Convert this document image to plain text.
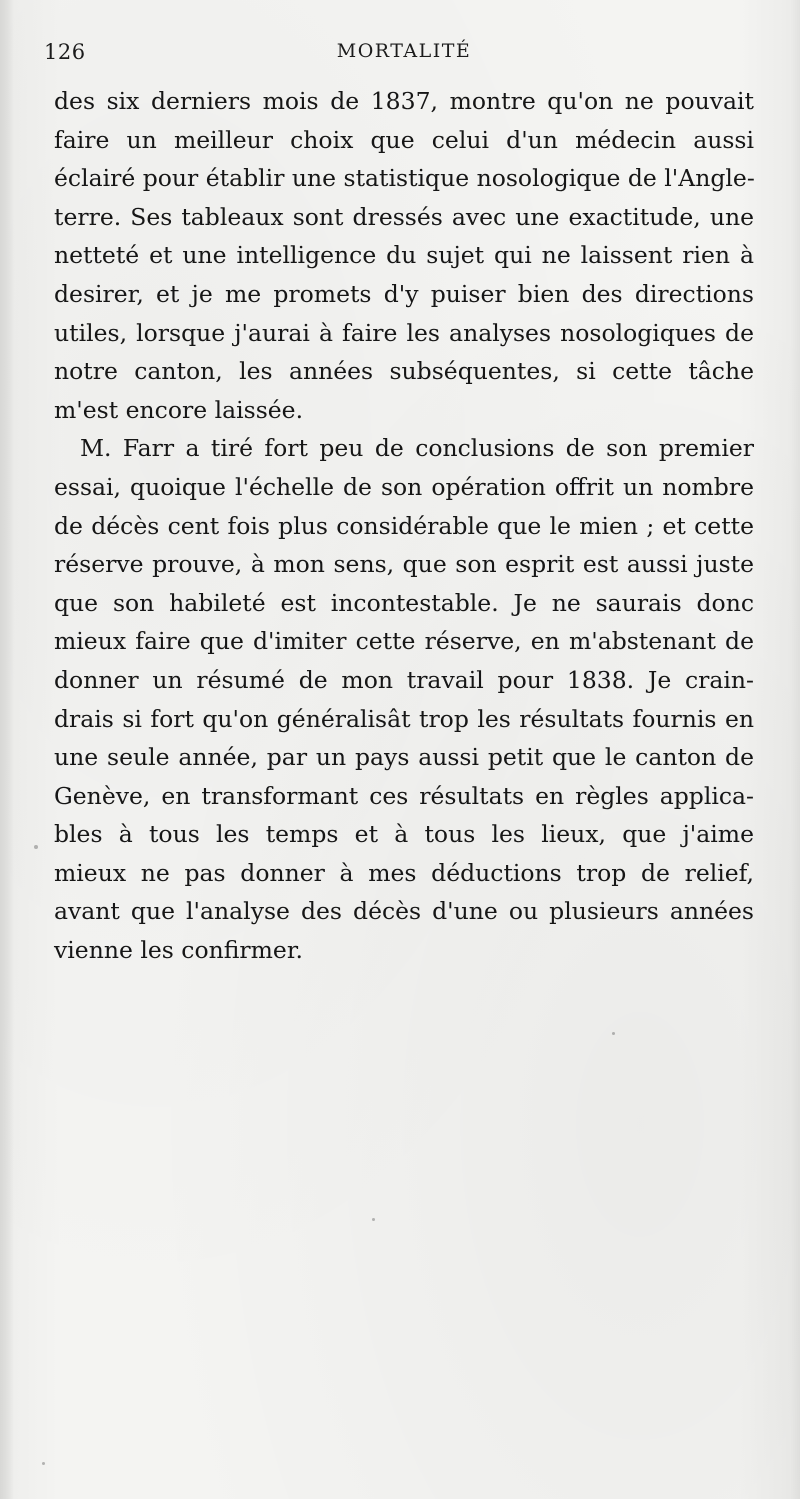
126	MORTALITÉ
des six derniers mois de 1837, montre qu'on ne pouvait
faire un meilleur choix que celui d'un médecin aussi
éclairé pour établir une statistique nosologique de l'Angle-
terre. Ses tableaux sont dressés avec une exactitude, une
netteté et une intelligence du sujet qui ne laissent rien à
desirer, et je me promets d'y puiser bien des directions
utiles, lorsque j'aurai à faire les analyses nosologiques de
notre canton, les années subséquentes, si cette tâche
m'est encore laissée.
M. Farr a tiré fort peu de conclusions de son premier
essai, quoique l'échelle de son opération offrit un nombre
de décès cent fois plus considérable que le mien ; et cette
réserve prouve, à mon sens, que son esprit est aussi juste
que son habileté est incontestable. Je ne saurais donc
mieux faire que d'imiter cette réserve, en m'abstenant de
donner un résumé de mon travail pour 1838. Je crain-
drais si fort qu'on généralisât trop les résultats fournis en
une seule année, par un pays aussi petit que le canton de
Genève, en transformant ces résultats en règles applica-
bles à tous les temps et à tous les lieux, que j'aime
mieux ne pas donner à mes déductions trop de relief,
avant que l'analyse des décès d'une ou plusieurs années
vienne les confirmer.
